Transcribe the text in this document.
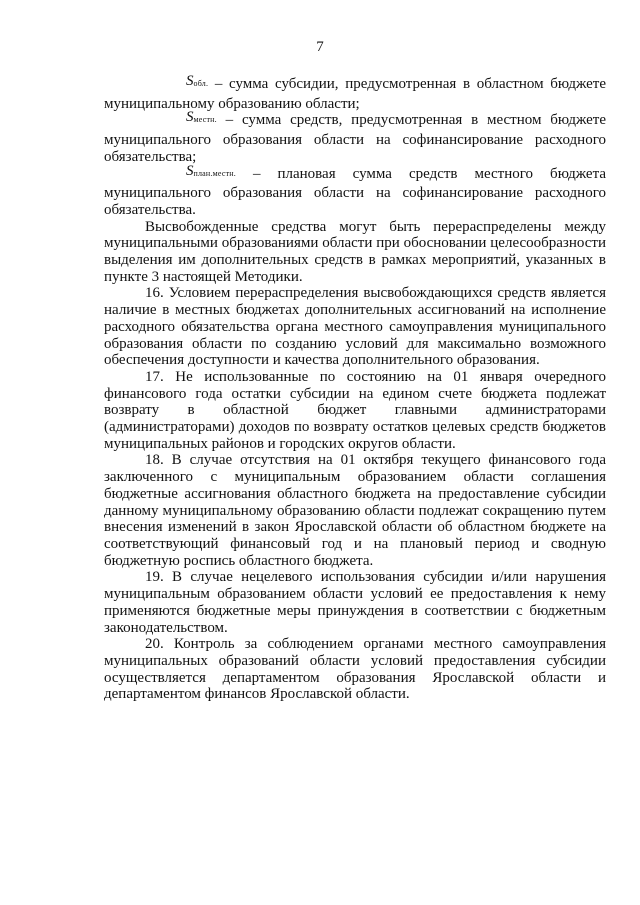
7

$S_{обл.}$ – сумма субсидии, предусмотренная в областном бюджете муниципальному образованию области;

$S_{местн.}$ – сумма средств, предусмотренная в местном бюджете муниципального образования области на софинансирование расходного обязательства;

$S_{план.местн.}$ – плановая сумма средств местного бюджета муниципального образования области на софинансирование расходного обязательства.

Высвобожденные средства могут быть перераспределены между муниципальными образованиями области при обосновании целесообразности выделения им дополнительных средств в рамках мероприятий, указанных в пункте 3 настоящей Методики.

16. Условием перераспределения высвобождающихся средств является наличие в местных бюджетах дополнительных ассигнований на исполнение расходного обязательства органа местного самоуправления муниципального образования области по созданию условий для максимально возможного обеспечения доступности и качества дополнительного образования.

17. Не использованные по состоянию на 01 января очередного финансового года остатки субсидии на едином счете бюджета подлежат возврату в областной бюджет главными администраторами (администраторами) доходов по возврату остатков целевых средств бюджетов муниципальных районов и городских округов области.

18. В случае отсутствия на 01 октября текущего финансового года заключенного с муниципальным образованием области соглашения бюджетные ассигнования областного бюджета на предоставление субсидии данному муниципальному образованию области подлежат сокращению путем внесения изменений в закон Ярославской области об областном бюджете на соответствующий финансовый год и на плановый период и сводную бюджетную роспись областного бюджета.

19. В случае нецелевого использования субсидии и/или нарушения муниципальным образованием области условий ее предоставления к нему применяются бюджетные меры принуждения в соответствии с бюджетным законодательством.

20. Контроль за соблюдением органами местного самоуправления муниципальных образований области условий предоставления субсидии осуществляется департаментом образования Ярославской области и департаментом финансов Ярославской области.
